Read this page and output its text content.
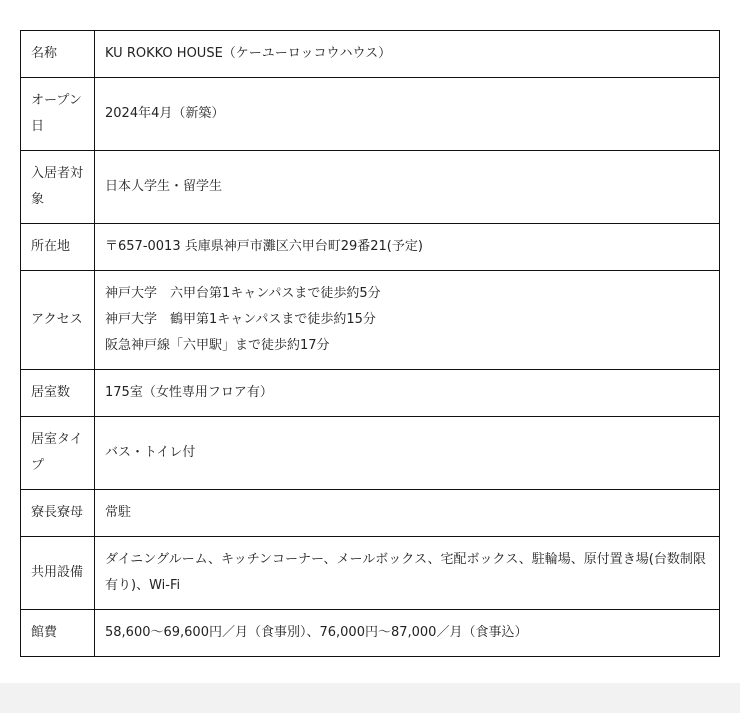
名称	KU ROKKO HOUSE（ケーユーロッコウハウス）

オープン日	2024年4月（新築）

入居者対象	日本人学生・留学生

所在地	〒657-0013 兵庫県神戸市灘区六甲台町29番21(予定)

アクセス	神戸大学　六甲台第1キャンパスまで徒歩約5分
神戸大学　鶴甲第1キャンパスまで徒歩約15分
阪急神戸線「六甲駅」まで徒歩約17分

居室数	175室（女性専用フロア有）

居室タイプ	バス・トイレ付

寮長寮母	常駐

共用設備	ダイニングルーム、キッチンコーナー、メールボックス、宅配ボックス、駐輪場、原付置き場(台数制限有り)、Wi-Fi

館費	58,600～69,600円／月（食事別）、76,000円～87,000／月（食事込）
